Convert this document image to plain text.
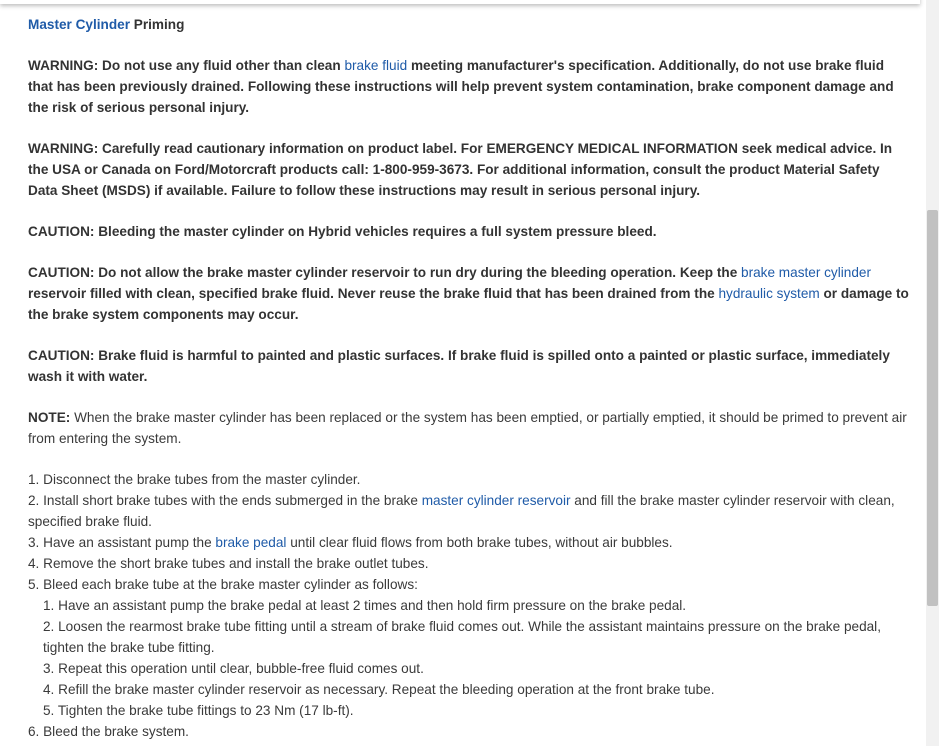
Master Cylinder Priming

WARNING: Do not use any fluid other than clean brake fluid meeting manufacturer's specification. Additionally, do not use brake fluid that has been previously drained. Following these instructions will help prevent system contamination, brake component damage and the risk of serious personal injury.

WARNING: Carefully read cautionary information on product label. For EMERGENCY MEDICAL INFORMATION seek medical advice. In the USA or Canada on Ford/Motorcraft products call: 1-800-959-3673. For additional information, consult the product Material Safety Data Sheet (MSDS) if available. Failure to follow these instructions may result in serious personal injury.

CAUTION: Bleeding the master cylinder on Hybrid vehicles requires a full system pressure bleed.

CAUTION: Do not allow the brake master cylinder reservoir to run dry during the bleeding operation. Keep the brake master cylinder reservoir filled with clean, specified brake fluid. Never reuse the brake fluid that has been drained from the hydraulic system or damage to the brake system components may occur.

CAUTION: Brake fluid is harmful to painted and plastic surfaces. If brake fluid is spilled onto a painted or plastic surface, immediately wash it with water.

NOTE: When the brake master cylinder has been replaced or the system has been emptied, or partially emptied, it should be primed to prevent air from entering the system.

1. Disconnect the brake tubes from the master cylinder.
2. Install short brake tubes with the ends submerged in the brake master cylinder reservoir and fill the brake master cylinder reservoir with clean, specified brake fluid.
3. Have an assistant pump the brake pedal until clear fluid flows from both brake tubes, without air bubbles.
4. Remove the short brake tubes and install the brake outlet tubes.
5. Bleed each brake tube at the brake master cylinder as follows:
1. Have an assistant pump the brake pedal at least 2 times and then hold firm pressure on the brake pedal.
2. Loosen the rearmost brake tube fitting until a stream of brake fluid comes out. While the assistant maintains pressure on the brake pedal, tighten the brake tube fitting.
3. Repeat this operation until clear, bubble-free fluid comes out.
4. Refill the brake master cylinder reservoir as necessary. Repeat the bleeding operation at the front brake tube.
5. Tighten the brake tube fittings to 23 Nm (17 lb-ft).
6. Bleed the brake system.
